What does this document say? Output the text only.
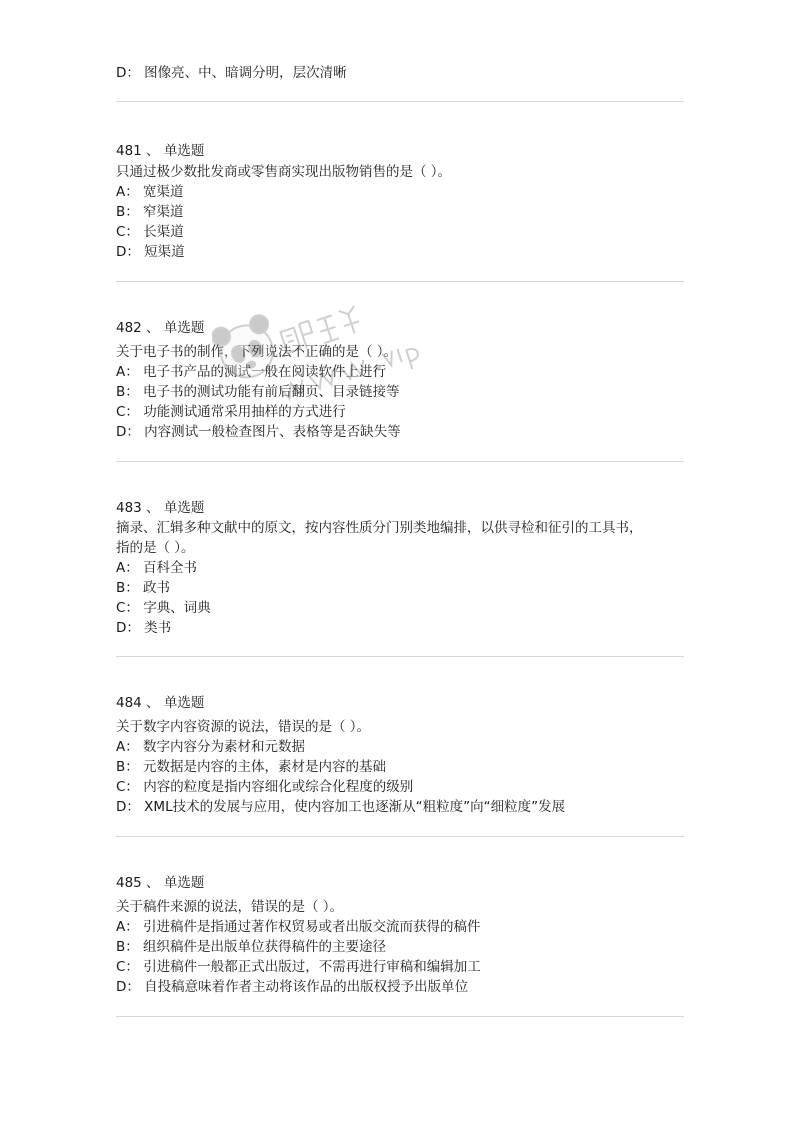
D： 图像亮、中、暗调分明，层次清晰
481 、 单选题
只通过极少数批发商或零售商实现出版物销售的是（ ）。
A： 宽渠道
B： 窄渠道
C： 长渠道
D： 短渠道
482 、 单选题
关于电子书的制作，下列说法不正确的是（ ）。
A： 电子书产品的测试一般在阅读软件上进行
B： 电子书的测试功能有前后翻页、目录链接等
C： 功能测试通常采用抽样的方式进行
D： 内容测试一般检查图片、表格等是否缺失等
483 、 单选题
摘录、汇辑多种文献中的原文，按内容性质分门别类地编排，以供寻检和征引的工具书，
指的是（ ）。
A： 百科全书
B： 政书
C： 字典、词典
D： 类书
484 、 单选题
关于数字内容资源的说法，错误的是（ ）。
A： 数字内容分为素材和元数据
B： 元数据是内容的主体，素材是内容的基础
C： 内容的粒度是指内容细化或综合化程度的级别
D： XML技术的发展与应用，使内容加工也逐渐从“粗粒度”向“细粒度”发展
485 、 单选题
关于稿件来源的说法，错误的是（ ）。
A： 引进稿件是指通过著作权贸易或者出版交流而获得的稿件
B： 组织稿件是出版单位获得稿件的主要途径
C： 引进稿件一般都正式出版过，不需再进行审稿和编辑加工
D： 自投稿意味着作者主动将该作品的出版权授予出版单位
